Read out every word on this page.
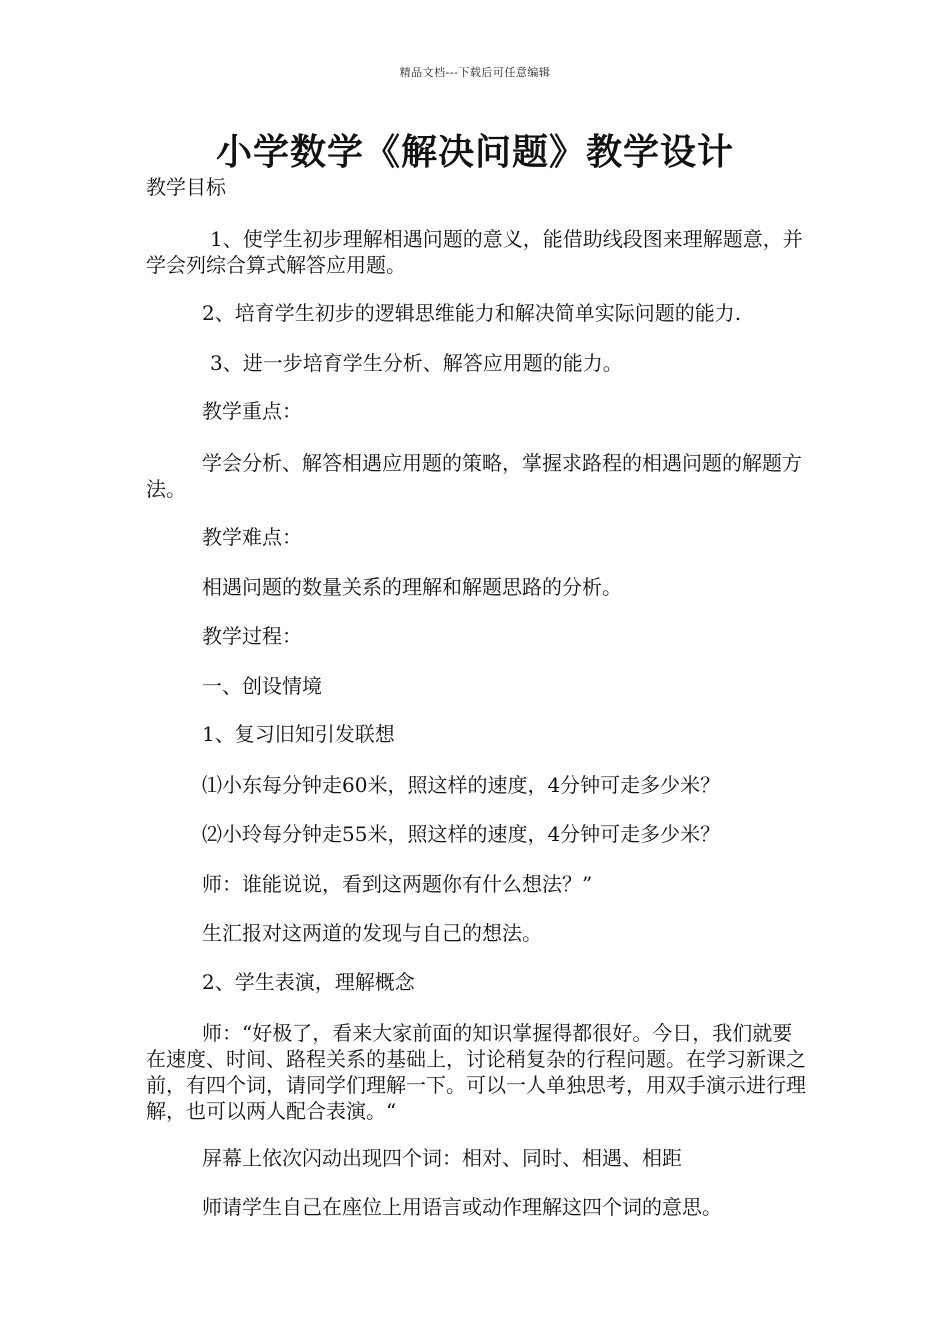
精品文档---下载后可任意编辑
小学数学《解决问题》教学设计

教学目标

1、使学生初步理解相遇问题的意义，能借助线段图来理解题意，并学会列综合算式解答应用题。

2、培育学生初步的逻辑思维能力和解决简单实际问题的能力.

3、进一步培育学生分析、解答应用题的能力。

教学重点：

学会分析、解答相遇应用题的策略，掌握求路程的相遇问题的解题方法。

教学难点：

相遇问题的数量关系的理解和解题思路的分析。

教学过程：

一、创设情境

1、复习旧知引发联想

⑴小东每分钟走60米，照这样的速度，4分钟可走多少米？

⑵小玲每分钟走55米，照这样的速度，4分钟可走多少米？

师：谁能说说，看到这两题你有什么想法？”

生汇报对这两道的发现与自己的想法。

2、学生表演，理解概念

师：“好极了，看来大家前面的知识掌握得都很好。今日，我们就要在速度、时间、路程关系的基础上，讨论稍复杂的行程问题。在学习新课之前，有四个词，请同学们理解一下。可以一人单独思考，用双手演示进行理解，也可以两人配合表演。“

屏幕上依次闪动出现四个词：相对、同时、相遇、相距

师请学生自己在座位上用语言或动作理解这四个词的意思。
